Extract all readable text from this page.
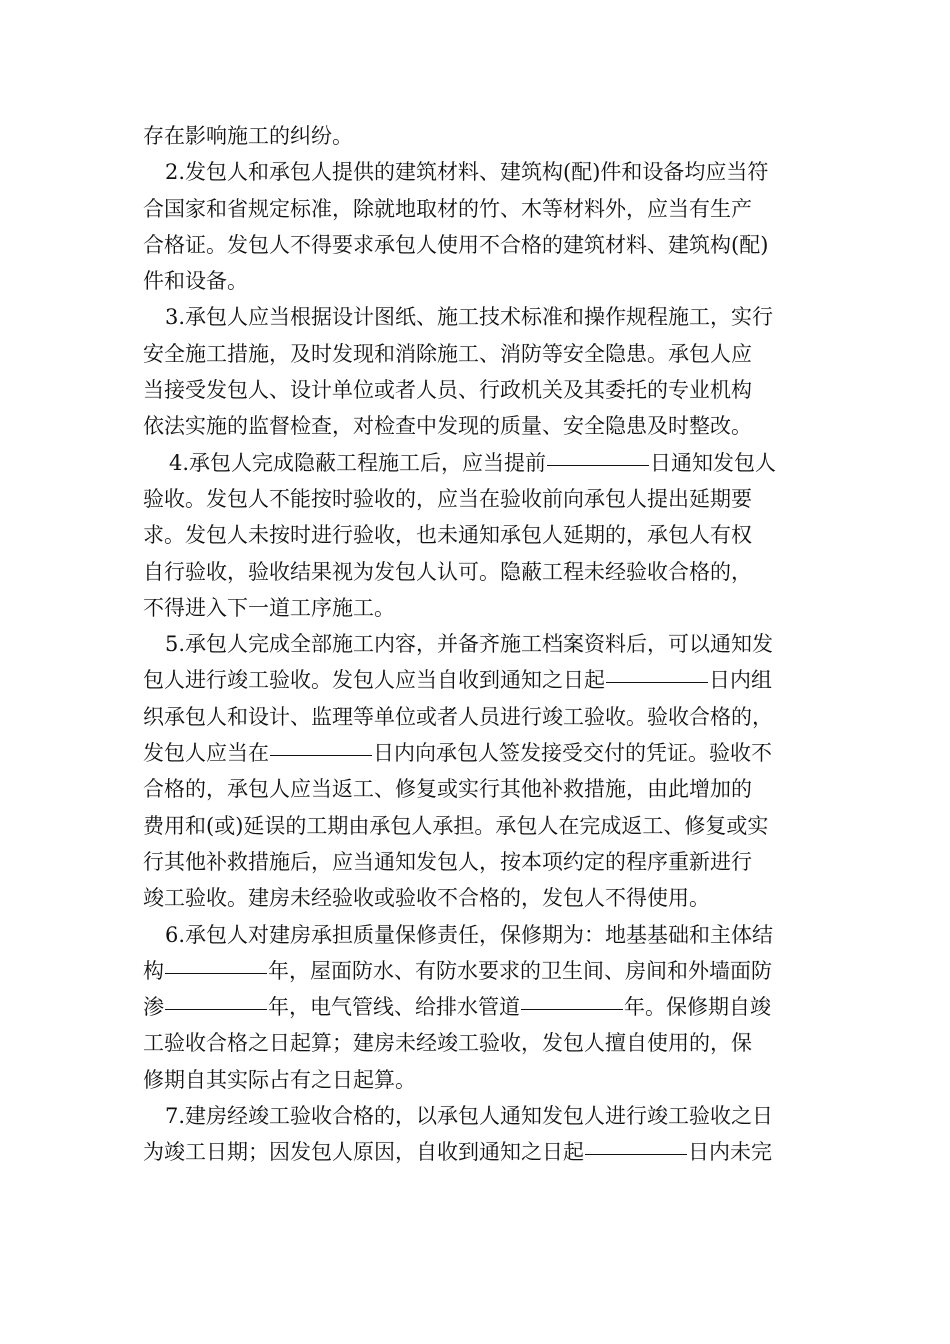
存在影响施工的纠纷。
2.发包人和承包人提供的建筑材料、建筑构(配)件和设备均应当符
合国家和省规定标准，除就地取材的竹、木等材料外，应当有生产
合格证。发包人不得要求承包人使用不合格的建筑材料、建筑构(配)
件和设备。
3.承包人应当根据设计图纸、施工技术标准和操作规程施工，实行
安全施工措施，及时发现和消除施工、消防等安全隐患。承包人应
当接受发包人、设计单位或者人员、行政机关及其委托的专业机构
依法实施的监督检查，对检查中发现的质量、安全隐患及时整改。
4.承包人完成隐蔽工程施工后，应当提前	日通知发包人
验收。发包人不能按时验收的，应当在验收前向承包人提出延期要
求。发包人未按时进行验收，也未通知承包人延期的，承包人有权
自行验收，验收结果视为发包人认可。隐蔽工程未经验收合格的，
不得进入下一道工序施工。
5.承包人完成全部施工内容，并备齐施工档案资料后，可以通知发
包人进行竣工验收。发包人应当自收到通知之日起	日内组
织承包人和设计、监理等单位或者人员进行竣工验收。验收合格的，
发包人应当在	日内向承包人签发接受交付的凭证。验收不
合格的，承包人应当返工、修复或实行其他补救措施，由此增加的
费用和(或)延误的工期由承包人承担。承包人在完成返工、修复或实
行其他补救措施后，应当通知发包人，按本项约定的程序重新进行
竣工验收。建房未经验收或验收不合格的，发包人不得使用。
6.承包人对建房承担质量保修责任，保修期为：地基基础和主体结
构	年，屋面防水、有防水要求的卫生间、房间和外墙面防
渗	年，电气管线、给排水管道	年。保修期自竣
工验收合格之日起算；建房未经竣工验收，发包人擅自使用的，保
修期自其实际占有之日起算。
7.建房经竣工验收合格的，以承包人通知发包人进行竣工验收之日
为竣工日期；因发包人原因，自收到通知之日起	日内未完
